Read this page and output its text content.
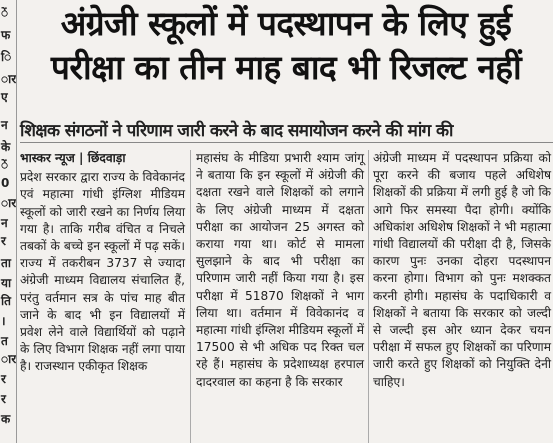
ें
फ
ि
ार
ए
न
के
ें
0
ार
न
र
ता
या
ति
।
त
ार
र
र
क
अंग्रेजी स्कूलों में पदस्थापन के लिए हुई
परीक्षा का तीन माह बाद भी रिजल्ट नहीं
शिक्षक संगठनों ने परिणाम जारी करने के बाद समायोजन करने की मांग की
भास्कर न्यूज | छिंदवाड़ा

प्रदेश सरकार द्वारा राज्य के विवेकानंद एवं महात्मा गांधी इंग्लिश मीडियम स्कूलों को जारी रखने का निर्णय लिया गया है। ताकि गरीब वंचित व निचले तबकों के बच्चे इन स्कूलों में पढ़ सकें। राज्य में तकरीबन 3737 से ज्यादा अंग्रेजी माध्यम विद्यालय संचालित हैं, परंतु वर्तमान सत्र के पांच माह बीत जाने के बाद भी इन विद्यालयों में प्रवेश लेने वाले विद्यार्थियों को पढ़ाने के लिए विभाग शिक्षक नहीं लगा पाया है। राजस्थान एकीकृत शिक्षक

महासंघ के मीडिया प्रभारी श्याम जांगू ने बताया कि इन स्कूलों में अंग्रेजी की दक्षता रखने वाले शिक्षकों को लगाने के लिए अंग्रेजी माध्यम में दक्षता परीक्षा का आयोजन 25 अगस्त को कराया गया था। कोर्ट से मामला सुलझाने के बाद भी परीक्षा का परिणाम जारी नहीं किया गया है। इस परीक्षा में 51870 शिक्षकों ने भाग लिया था। वर्तमान में विवेकानंद व महात्मा गांधी इंग्लिश मीडियम स्कूलों में 17500 से भी अधिक पद रिक्त चल रहे हैं। महासंघ के प्रदेशाध्यक्ष हरपाल दादरवाल का कहना है कि सरकार

अंग्रेजी माध्यम में पदस्थापन प्रक्रिया को पूरा करने की बजाय पहले अधिशेष शिक्षकों की प्रक्रिया में लगी हुई है जो कि आगे फिर समस्या पैदा होगी। क्योंकि अधिकांश अधिशेष शिक्षकों ने भी महात्मा गांधी विद्यालयों की परीक्षा दी है, जिसके कारण पुनः उनका दोहरा पदस्थापन करना होगा। विभाग को पुनः मशक्कत करनी होगी। महासंघ के पदाधिकारी व शिक्षकों ने बताया कि सरकार को जल्दी से जल्दी इस ओर ध्यान देकर चयन परीक्षा में सफल हुए शिक्षकों का परिणाम जारी करते हुए शिक्षकों को नियुक्ति देनी चाहिए।
